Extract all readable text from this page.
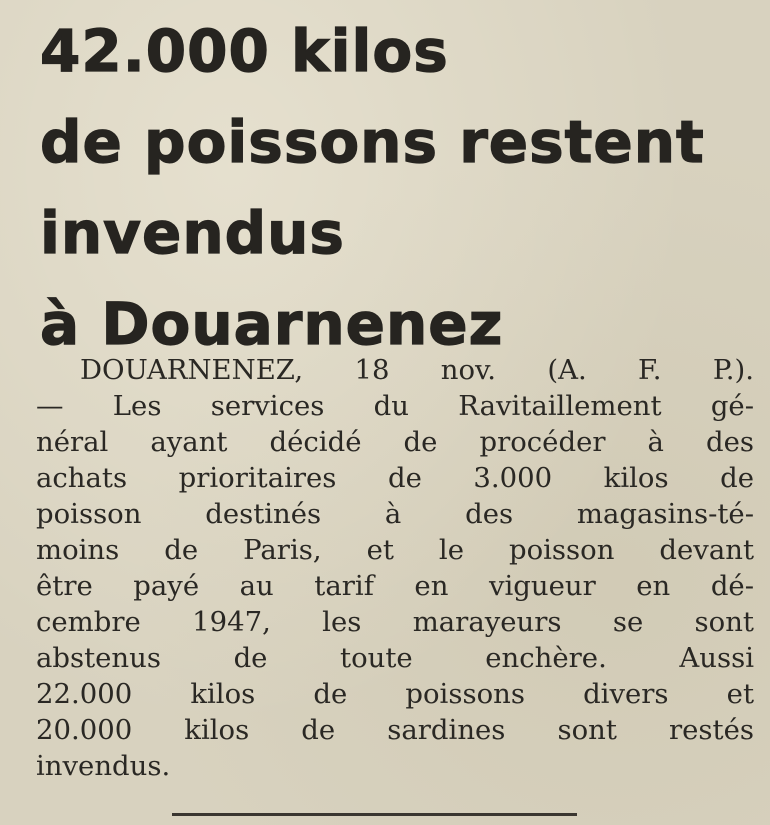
42.000 kilos
de poissons restent
invendus
à Douarnenez
DOUARNENEZ, 18 nov. (A. F. P.).
— Les services du Ravitaillement gé-
néral ayant décidé de procéder à des
achats prioritaires de 3.000 kilos de
poisson destinés à des magasins-té-
moins de Paris, et le poisson devant
être payé au tarif en vigueur en dé-
cembre 1947, les marayeurs se sont
abstenus de toute enchère. Aussi
22.000 kilos de poissons divers et
20.000 kilos de sardines sont restés
invendus.
